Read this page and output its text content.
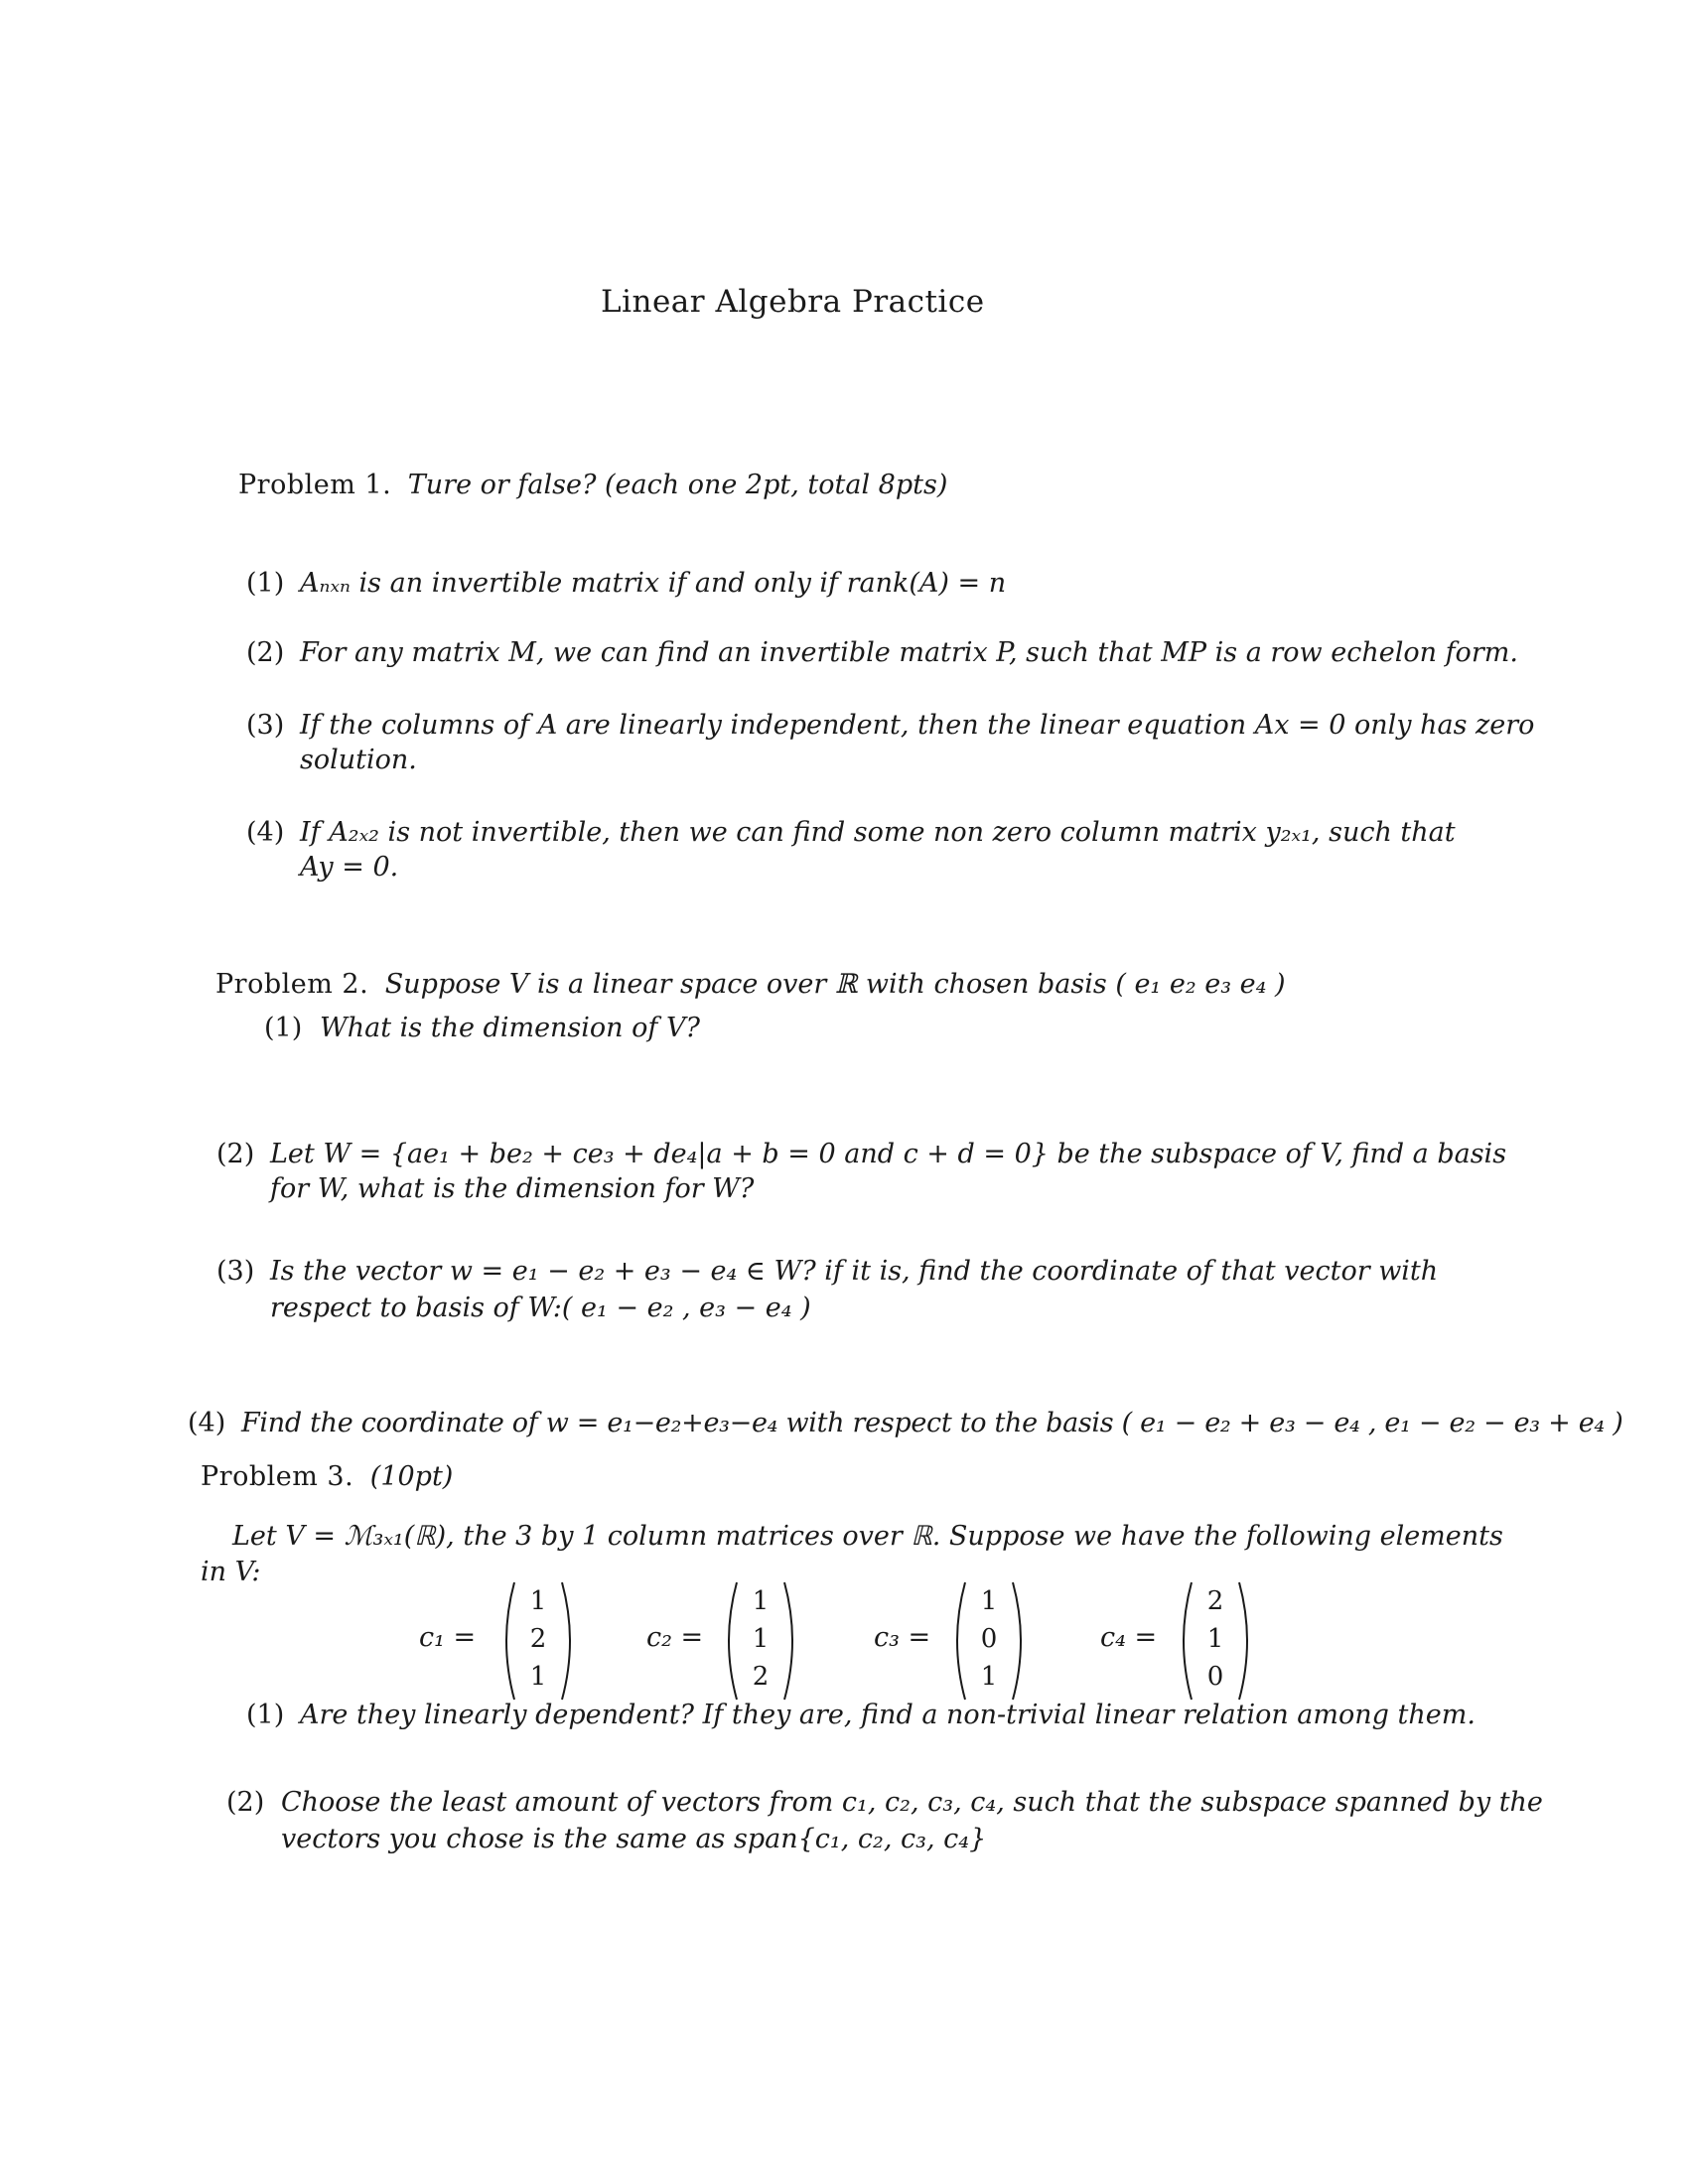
Linear Algebra Practice
Problem 1. Ture or false? (each one 2pt, total 8pts)
(1) Aₙₓₙ is an invertible matrix if and only if rank(A) = n
(2) For any matrix M, we can find an invertible matrix P, such that MP is a row echelon form.
(3) If the columns of A are linearly independent, then the linear equation Ax = 0 only has zero
solution.
(4) If A₂ₓ₂ is not invertible, then we can find some non zero column matrix y₂ₓ₁, such that
Ay = 0.
Problem 2. Suppose V is a linear space over ℝ with chosen basis ( e₁ e₂ e₃ e₄ )
(1) What is the dimension of V?
(2) Let W = {ae₁ + be₂ + ce₃ + de₄|a + b = 0 and c + d = 0} be the subspace of V, find a basis
for W, what is the dimension for W?
(3) Is the vector w = e₁ − e₂ + e₃ − e₄ ∈ W? if it is, find the coordinate of that vector with
respect to basis of W:( e₁ − e₂ , e₃ − e₄ )
(4) Find the coordinate of w = e₁−e₂+e₃−e₄ with respect to the basis ( e₁ − e₂ + e₃ − e₄ , e₁ − e₂ − e₃ + e₄ )
Problem 3. (10pt)
Let V = ℳ₃ₓ₁(ℝ), the 3 by 1 column matrices over ℝ. Suppose we have the following elements
in V:
c₁ =
1
2
1
c₂ =
1
1
2
c₃ =
1
0
1
c₄ =
2
1
0
(1) Are they linearly dependent? If they are, find a non-trivial linear relation among them.
(2) Choose the least amount of vectors from c₁, c₂, c₃, c₄, such that the subspace spanned by the
vectors you chose is the same as span{c₁, c₂, c₃, c₄}
